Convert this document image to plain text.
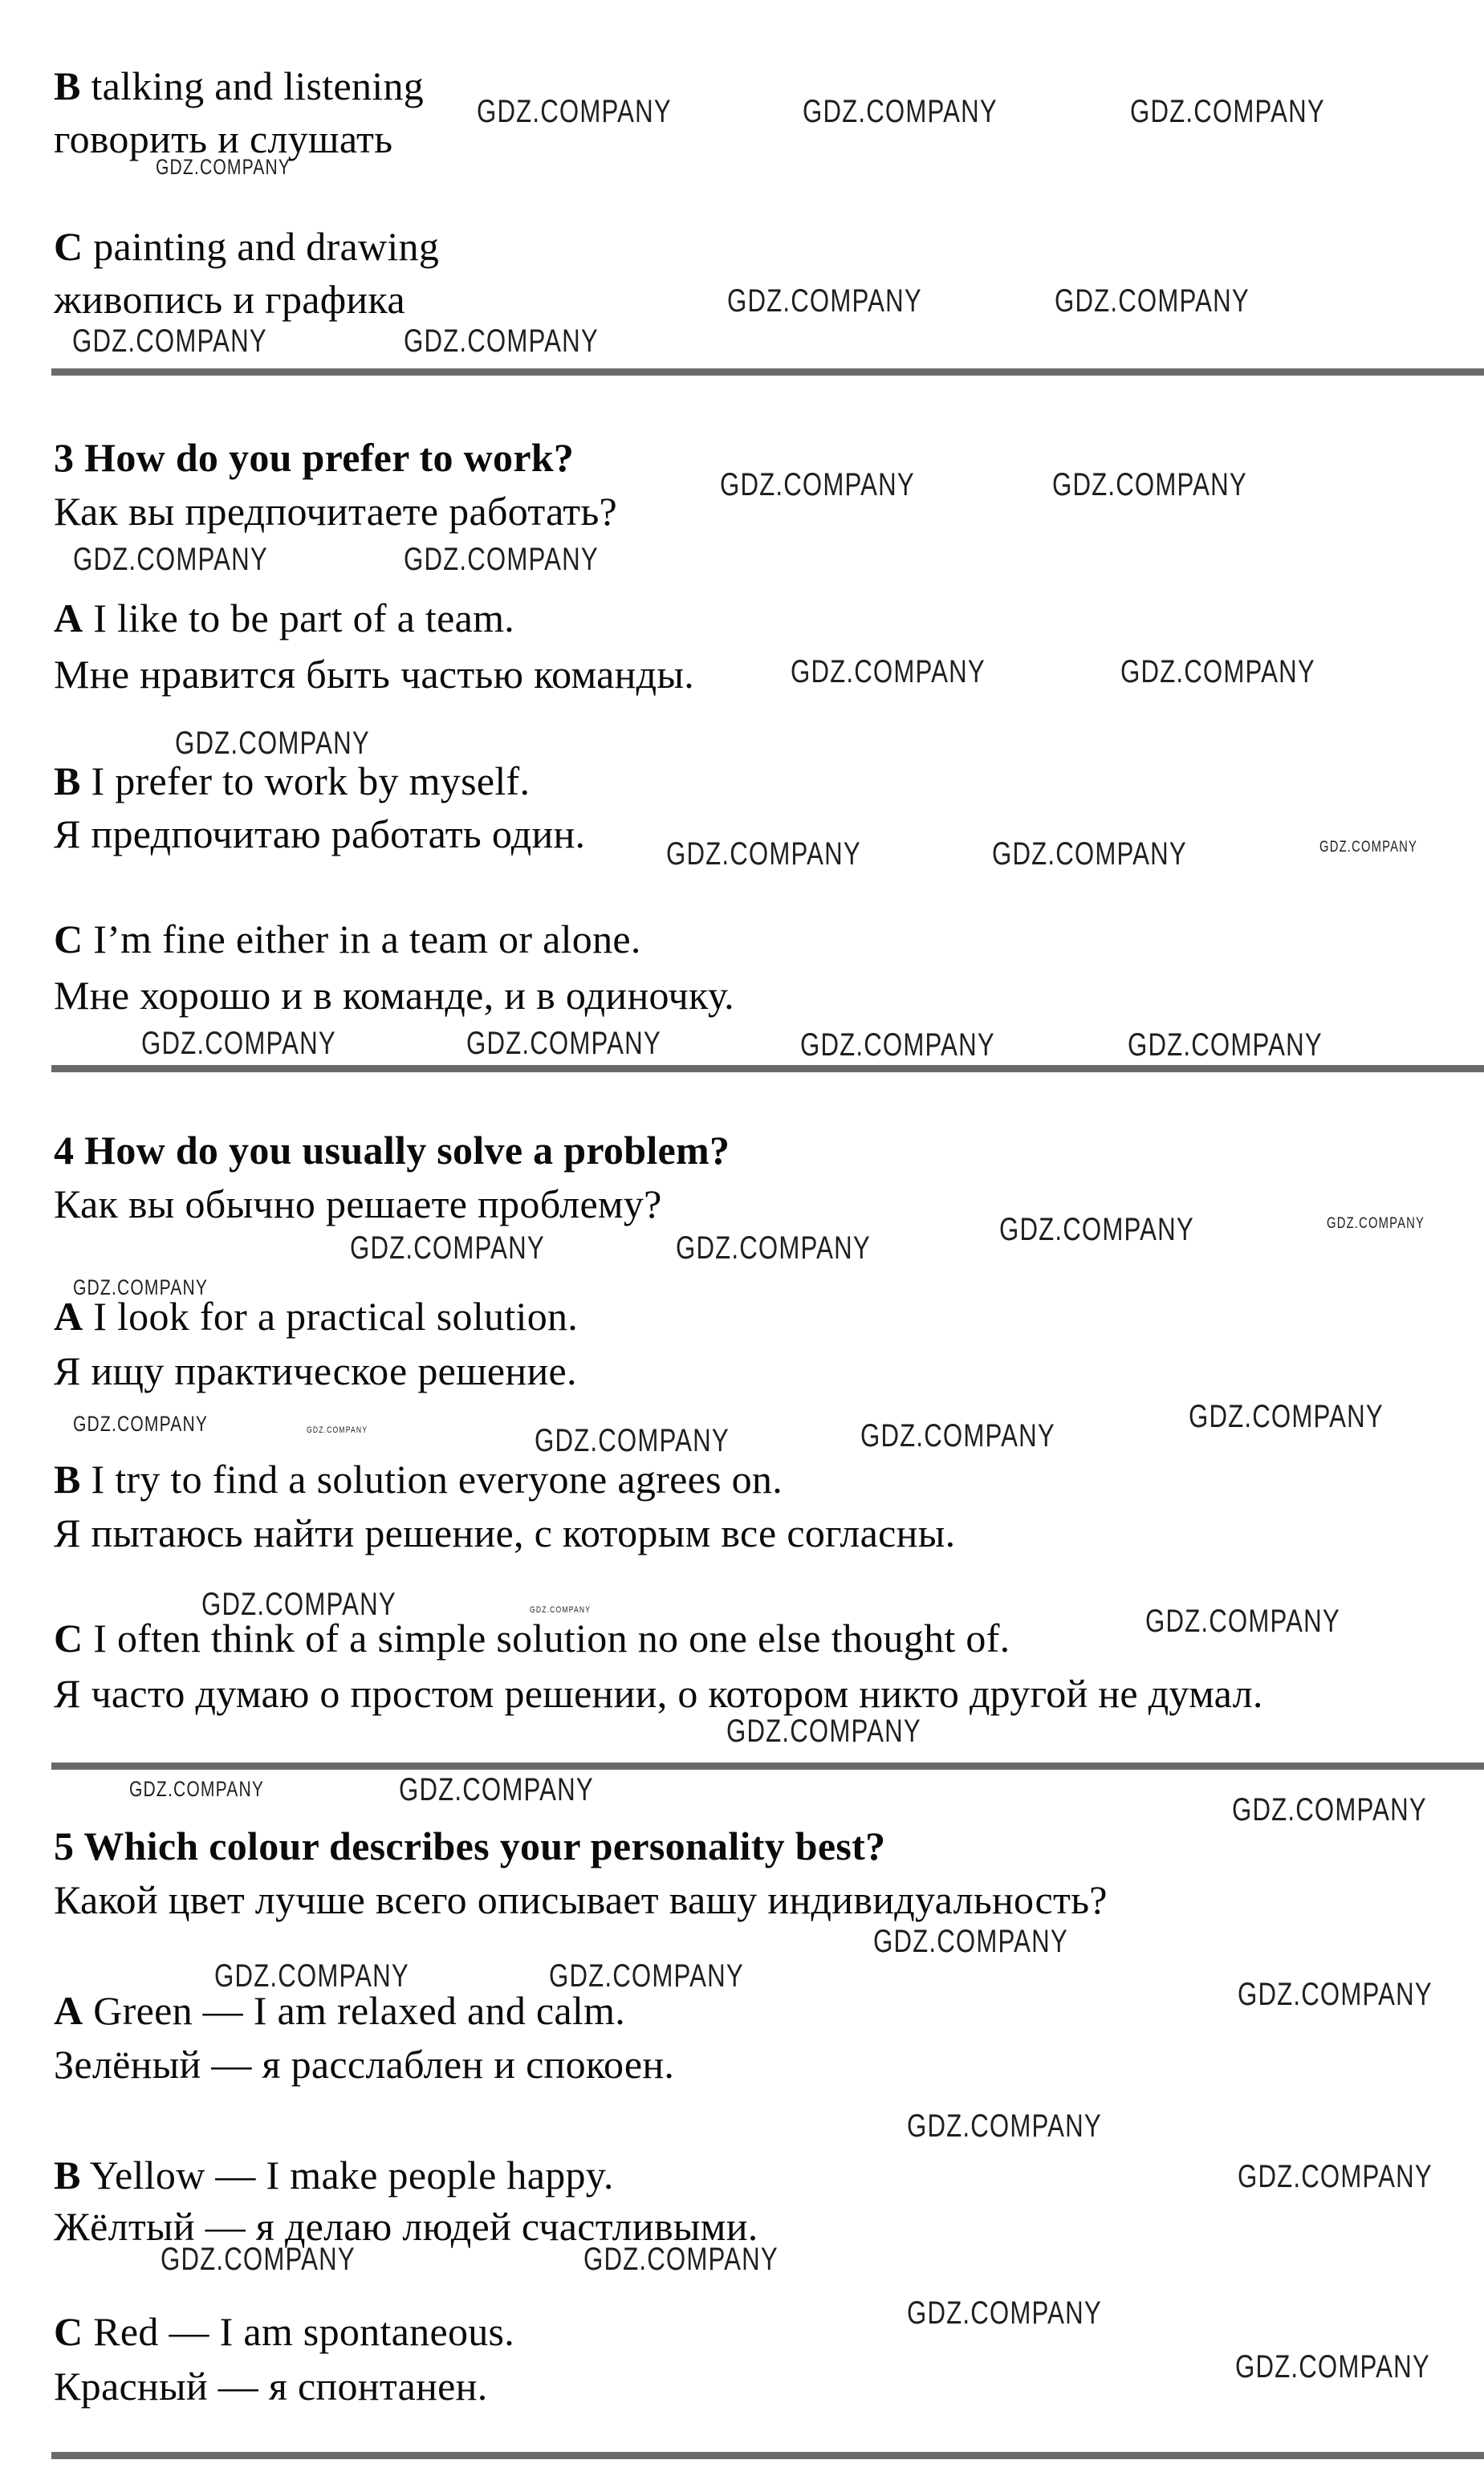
B talking and listening
говорить и слушать
C painting and drawing
живопись и графика
3 How do you prefer to work?
Как вы предпочитаете работать?
A I like to be part of a team.
Мне нравится быть частью команды.
B I prefer to work by myself.
Я предпочитаю работать один.
C I’m fine either in a team or alone.
Мне хорошо и в команде, и в одиночку.
4 How do you usually solve a problem?
Как вы обычно решаете проблему?
A I look for a practical solution.
Я ищу практическое решение.
B I try to find a solution everyone agrees on.
Я пытаюсь найти решение, с которым все согласны.
C I often think of a simple solution no one else thought of.
Я часто думаю о простом решении, о котором никто другой не думал.
5 Which colour describes your personality best?
Какой цвет лучше всего описывает вашу индивидуальность?
A Green — I am relaxed and calm.
Зелёный — я расслаблен и спокоен.
B Yellow — I make people happy.
Жёлтый — я делаю людей счастливыми.
C Red — I am spontaneous.
Красный — я спонтанен.
GDZ.COMPANY	GDZ.COMPANY	GDZ.COMPANY
GDZ.COMPANY
GDZ.COMPANY	GDZ.COMPANY
GDZ.COMPANY	GDZ.COMPANY
GDZ.COMPANY	GDZ.COMPANY
GDZ.COMPANY	GDZ.COMPANY
GDZ.COMPANY	GDZ.COMPANY
GDZ.COMPANY
GDZ.COMPANY	GDZ.COMPANY	GDZ.COMPANY
GDZ.COMPANY	GDZ.COMPANY	GDZ.COMPANY	GDZ.COMPANY
GDZ.COMPANY	GDZ.COMPANY
GDZ.COMPANY	GDZ.COMPANY
GDZ.COMPANY
GDZ.COMPANY	GDZ.COMPANY	GDZ.COMPANY	GDZ.COMPANY
GDZ.COMPANY
GDZ.COMPANY	GDZ.COMPANY	GDZ.COMPANY
GDZ.COMPANY
GDZ.COMPANY	GDZ.COMPANY
GDZ.COMPANY
GDZ.COMPANY
GDZ.COMPANY	GDZ.COMPANY
GDZ.COMPANY
GDZ.COMPANY
GDZ.COMPANY
GDZ.COMPANY	GDZ.COMPANY
GDZ.COMPANY
GDZ.COMPANY
